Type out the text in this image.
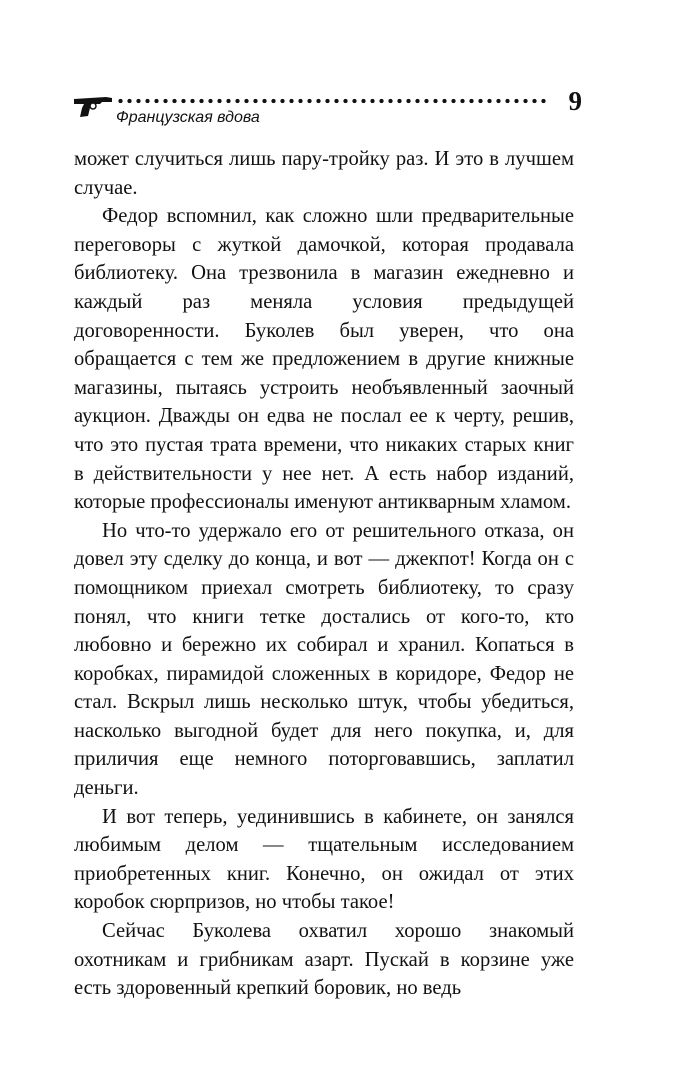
9
Французская вдова

может случиться лишь пару-тройку раз. И это в лучшем случае.

Федор вспомнил, как сложно шли предварительные переговоры с жуткой дамочкой, которая продавала библиотеку. Она трезвонила в магазин ежедневно и каждый раз меняла условия предыдущей договоренности. Буколев был уверен, что она обращается с тем же предложением в другие книжные магазины, пытаясь устроить необъявленный заочный аукцион. Дважды он едва не послал ее к черту, решив, что это пустая трата времени, что никаких старых книг в действительности у нее нет. А есть набор изданий, которые профессионалы именуют антикварным хламом.

Но что-то удержало его от решительного отказа, он довел эту сделку до конца, и вот — джекпот! Когда он с помощником приехал смотреть библиотеку, то сразу понял, что книги тетке достались от кого-то, кто любовно и бережно их собирал и хранил. Копаться в коробках, пирамидой сложенных в коридоре, Федор не стал. Вскрыл лишь несколько штук, чтобы убедиться, насколько выгодной будет для него покупка, и, для приличия еще немного поторговавшись, заплатил деньги.

И вот теперь, уединившись в кабинете, он занялся любимым делом — тщательным исследованием приобретенных книг. Конечно, он ожидал от этих коробок сюрпризов, но чтобы такое!

Сейчас Буколева охватил хорошо знакомый охотникам и грибникам азарт. Пускай в корзине уже есть здоровенный крепкий боровик, но ведь
